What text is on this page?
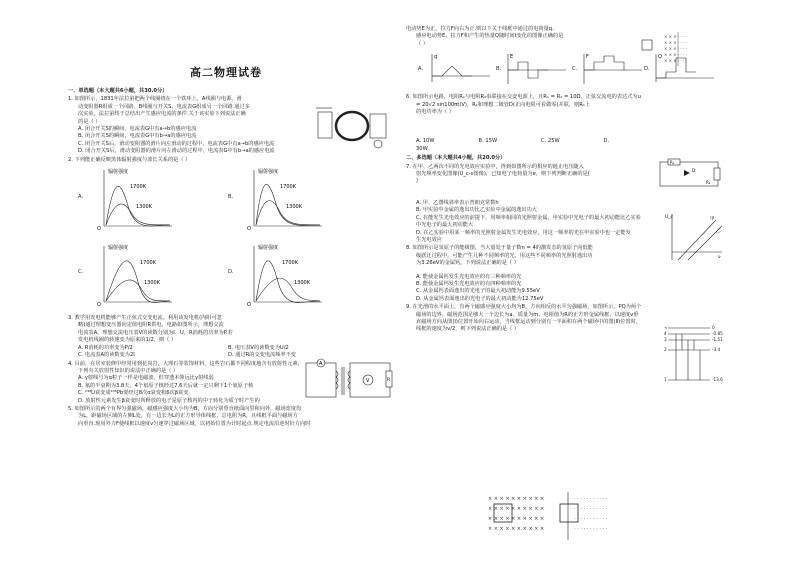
高二物理试卷

一、单选题（本大题共6小题，共30.0分）

1. 如图所示，1831年法拉第把两个线圈绕在一个铁环上，A线圈与电源、滑

动变阻器R组成一个回路，B线圈与开关S、电流表G组成另一个回路.通过多

次实验，法拉第终于总结出产生感应电流的条件.关于该实验下列说法正确

的是（ ）

A. 闭合开关S的瞬间，电流表G中有a→b的感应电流

B. 闭合开关S的瞬间，电流表G中有b→a的感应电流

C. 闭合开关S后，滑动变阻器的滑片向左滑动的过程中，电流表G中有a→b的感应电流

D. 闭合开关S后，滑动变阻器的滑片向左滑动的过程中，电流表G中有b→a的感应电流

2. 下列能正确反映黑体辐射强度与波长关系的是（ ）

A.	B.
C.	D.
辐射强度
1700K
1300K
O
辐射强度
1700K
1300K
O
辐射强度
1700K
1300K
O
辐射强度
1700K
1300K
O

3. 教学用发电机能够产生正弦式交变电流。利用该发电机(内阻可忽

略)通过理想变压器向定值电阻R供电，电路如图所示，理想交流

电流表A、理想交流电压表V的读数分别为I、U，R消耗的功率为P.若

发电机线圈的转速变为原来的1/2，则（ ）

A. R消耗的功率变为P/2	B. 电压表V的读数变为U/2
C. 电流表A的读数变为2I	D. 通过R的交变电流频率不变

4. 目前，在居室装修中经常用到花岗岩、大理石等装饰材料，这些岩石都不同程度地含有放射性元素，

下列有关放射性知识的说法中正确的是（ ）

A. γ射线与为α粒子一样是电磁波，但穿透本领远比γ射线弱

B. 氡的半衰期为3.8天，4个氡原子核经过7.6天后就一定只剩下1个氡原子核

C. ²³⁸U衰变成²⁰⁶Pb要经过8次α衰变和6次β衰变

D. 放射性元素发生β衰变时所释放的电子是原子核内的中子转化为质子时产生的

5. 如图所示的两个有界匀强磁场，磁感应强度大小均为B，方向分别垂直纸面向里和向外，磁场宽度均

为L，距磁场区域的左侧L处，有一边长为L的正方形导体线框，总电阻为R，且线框平面与磁场方

向垂直.现用外力F使线框以速度v匀速穿过磁场区域，以初始位置为计时起点.规定电流沿逆时针方向时

A
V	R

电动势E为正，拉力F向右为正.则以下关于线框中通过的电荷量q、

感应电动势E、拉力F和产生的热量Q随时间t变化的图像正确的是

（ ）

A.	B.	C.	D.
q	E	F	Q

6. 如图所示电路，电阻R₁与电阻R₂串联接在交变电源上，且R₁ = R₂ = 10Ω，正弦交流电的表达式为u

= 20√2 sin100πt(V)，R₁和理想二极管D(正向电阻可看做零)并联，则R₁上

的电功率为（ ）

A. 10W	B. 15W	C. 25W	D.

30W

二、多选题（本大题共4小题，共20.0分）

7. 在甲、乙两次不同的光电效应实验中，得到如图所示的相应的遏止电压随入

射光频率变化图像(U_c-ν图像)，已知电子电荷量为e，则下列判断正确的是(

)

A. 甲、乙图线斜率表示普朗克常数h

B. 甲实验中金属的逸出功比乙实验中金属的逸出功大

C. 在能发生光电效应的前提下，用频率相同的光照射金属，甲实验中光电子的最大初动能比乙实验

中光电子的最大初动能大

D. 在乙实验中用某一频率的光照射金属发生光电效应，用这一频率的光在甲实验中也一定能发

生光电效应

8. 如图所示是氢原子的能级图，当大量处于量子数n = 4的激发态的氢原子向低能

级跃迁过程中，可能产生几种不同频率的光，用这些不同频率的光照射逸出功

为3.26eV的金属钙，下列说法正确的是（ ）

A. 能使金属钙发生光电效应的有三种频率的光

B. 能使金属钙发生光电效应的有四种频率的光

C. 从金属钙表面逸出的光电子的最大初动能为9.55eV

D. 从金属钙表面逸出的光电子的最大初动能为12.75eV

9. 在光滑的水平面上，有两个磁感应强度大小均为B，方向相反的水平匀强磁场，如图所示，PQ为两个

磁场的边界，磁场范围足够大一个边长为a、质量为m、电阻值为R的正方形金属线框，以速度v垂

直磁场方向从图(Ⅰ)位置开始向右运动，当线框运动到分别有一半面积在两个磁场中的图(Ⅱ)位置时，

线框的速度为v/2，则下列说法正确的是（ ）

× × × · · · ·
× × × · · · ·
× × × · · · ·
× × × · · · ·
× × × · · · ·
R₁
D
R₂
U_c
ν
甲
乙
∞	0
4	-0.85
3	-1.51
2	-3.4
1	-13.6
× × × × × × × × × ×
× × × × × × × × × ×
× × × × × × × × × ×
× × × × × × × × × ×
· · · · · · · · · · ·
· · · · · · · · · · ·
· · · · · · · · · · ·
· · · · · · · · · · ·
